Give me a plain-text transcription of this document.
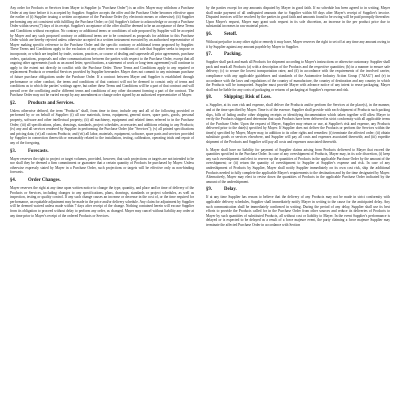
Any order for Products or Services from Mayer to Supplier (a "Purchase Order") is an offer. Mayer may withdraw a Purchase Order at any time before it is accepted by Supplier. Supplier accepts the offer and the Purchase Order becomes effective upon the earlier of (i) Supplier issuing a written acceptance of the Purchase Order (by electronic means or otherwise); (ii) Supplier performing any act consistent with fulfilling the Purchase Order; or (iii) Supplier's failure to acknowledge or accept a Purchase Order within seven (7) days of its receipt. Supplier's acceptance of the offer shall be deemed to be an acceptance of these Terms and Conditions without exception. No contrary or additional terms or conditions of sale proposed by Supplier will be accepted by Mayer and any such proposed contrary or additional terms are to be construed as proposals for addition to this Purchase Order which are hereby rejected unless otherwise accepted in a written instrument executed by an authorized representative of Mayer making specific reference to the Purchase Order and the specific contrary or additional terms proposed by Supplier. These Terms and Conditions apply to the exclusion of any other terms or conditions of sale that Supplier seeks to impose or incorporate, or which are implied by trade, custom, practices, or course of dealing and supersede all prior agreements, purchase orders, quotations, proposals and other communications between the parties with respect to the Purchase Order, except that all ongoing other agreements (such as an award letter, specifications, a statement of work or long-term agreement) will continue to apply to the extent not directly in conflict with the Purchase Order. These Terms and Conditions apply to any repaired or replacement Products or remedial Services provided by Supplier hereunder. Mayer does not commit to any minimum purchase of future purchase obligations under the Purchase Order. If a contract between Mayer and Supplier is established through performance or other conduct, the terms and conditions of that contract will not be deemed to consist only of terms and conditions as to which the parties' writings agree, but rather these Terms and Conditions will be a part of that contract and will prevail over the conflicting and/or different terms and conditions of any other document forming a part of the contract. The Purchase Order may not be varied except by any amendment or change order signed by an authorized representative of Mayer.

§2.	Products and Services.

Unless otherwise defined, the term "Products" shall, from time to time, include any and all of the following provided or performed by or on behalf of Supplier: (i) all raw materials, items, equipment, general stores, spare parts, goods, personal property, software and other intellectual property; (ii) all machinery, equipment and related items referred to in the Purchase Order; (iii) all specifications, plans, drawings, standards, project schedules, accessories and additions relating to any Products; (iv) any and all services rendered by Supplier in performing the Purchase Order (the "Services"); (v) all printed specifications and pricing data; (vi) all custom Products; and (vii) all labor, materials, equipment, software, spare parts and services provided by Supplier in connection therewith or reasonably related to the installation, testing, calibration, operating trials and repair of any of the foregoing.

§3.	Forecasts.

Mayer reserves the right to project or target volumes, provided, however, that such projections or targets are not intended to be nor shall they be deemed a firm commitment or guarantee that a certain quantity of Products be purchased by Mayer. Unless otherwise expressly stated by Mayer in a Purchase Order, such projections or targets will be effective only as non-binding forecasts.

§4.	Order Changes.

Mayer reserves the right at any time upon written notice to change the type, quantity, and place and/or time of delivery of the Products or Services, including changes to any specifications, plans, drawings, standards or project schedules, as well as inspection, testing or quality control. If any such change causes an increase or decrease in the cost of, or the time required for performance, an equitable adjustment may be made in the price and/or delivery schedule. Any claim for adjustment by Supplier will be deemed waived unless made within 7 days after receipt of the change. Nothing contained herein will excuse Supplier from its obligation to proceed without delay to perform any order, as changed. Mayer may cancel without liability any order at any time prior to Mayer's receipt of the ordered Products or Services.

by the parties except for any amounts disputed by Mayer in good faith. If no schedule has been agreed to in writing, Mayer shall make payment of all undisputed amounts due to Supplier within 60 days after Mayer's receipt of Supplier's invoice. Disputed invoices will be resolved by the parties in good faith and amounts found to be owing will be paid promptly thereafter. Upon Mayer's request, Mayer may grant such request in its sole discretion, an increase in the per product price due to substantial increases in raw material prices.

§6.	Setoff.

Without prejudice to any other right or remedy it may have, Mayer reserves the right to set off at any time any amount owing to it by Supplier against any amount payable by Mayer to Supplier.

§7.	Packing.

Supplier shall pack and mark all Products for shipment according to Mayer's instructions or otherwise customary. Supplier shall pack and mark all Products (a) with a description of the Products and the respective quantities; (b) in a manner to ensure safe delivery; (c) to secure the lowest transportation rates; and (d) in accordance with the requirements of the involved carrier, compliance with any applicable guidelines and standards of the Automotive Industry Action Group ("AIAG") and (e) in accordance with the laws and regulations of the country of manufacture, the country of destination and any country in which the Products will be transported. Supplier must provide Mayer with advance notice of any intent to reuse packaging. Mayer shall not be liable for any costs of packaging or returns of packaging at Supplier's expense and risk.

§8.	Shipping; Risk of Loss.

a. Supplier, at its own risk and expense, shall deliver the Products and/or perform the Services at the place(s), in the manner, and at the time specified by Mayer. Time is of the essence. Supplier shall provide with each shipment of Products such packing slips, bills of lading and/or other shipping receipts or identifying documentation which taken together will allow Mayer to verify the Products shipped and determine that such Products have been delivered in strict conformity with all applicable terms of the Purchase Order. Upon the request of Mayer, Supplier may return or use, at Supplier's risk and expense, any Products delivered prior to the date(s) specified by Mayer. If Supplier does not deliver the Products or perform the Services within the time(s) specified by Mayer, Mayer may, in addition to its other rights and remedies: (i) terminate the affected order; (ii) obtain substitute goods or services elsewhere, and Supplier will pay all costs and expenses associated therewith; and (iii) expedite shipment of the Products and Supplier will pay all costs and expenses associated therewith.

b. Mayer shall have no liability for payment of Supplier claims arising from Products delivered to Mayer that exceed the quantities specified in the Purchase Order. In case of any overshipment of Products, Mayer may, in its sole discretion, (i) keep any such overshipment and elect to reserve up the quantities of Products in the applicable Purchase Order by the amount of the overshipment; or (ii) return the quantity of overshipment to Supplier at Supplier's expense and risk. In case of any undershipment of Products by Supplier, Mayer shall notify Supplier immediately on its own cost risk, ship the additional Products needed to fully complete the applicable Mayer's requirements to the destination and by the time designated by Mayer. Alternatively, Mayer may elect to revise down the quantities of Products in the applicable Purchase Order indicated by the amount of the undershipment.

§9.	Delay.

If at any time Supplier has reason to believe that the delivery of any Products may not be made in strict conformity with applicable delivery schedules, Supplier shall immediately notify Mayer in writing to the cause for the anticipated delay. Any such communication shall be immediately confirmed in writing. During the period of any delay, Supplier shall use its best efforts to provide the Products called for in the Purchase Order from other sources and reduce its deliveries of Products to Mayer by such quantities of substituted Products, all without cost or liability to Mayer. In the event Supplier's performance is delayed or is expected to be delayed as a result of a force majeure event, the party claiming a force majeure Supplier may terminate the affected Purchase Order in accordance with Section
